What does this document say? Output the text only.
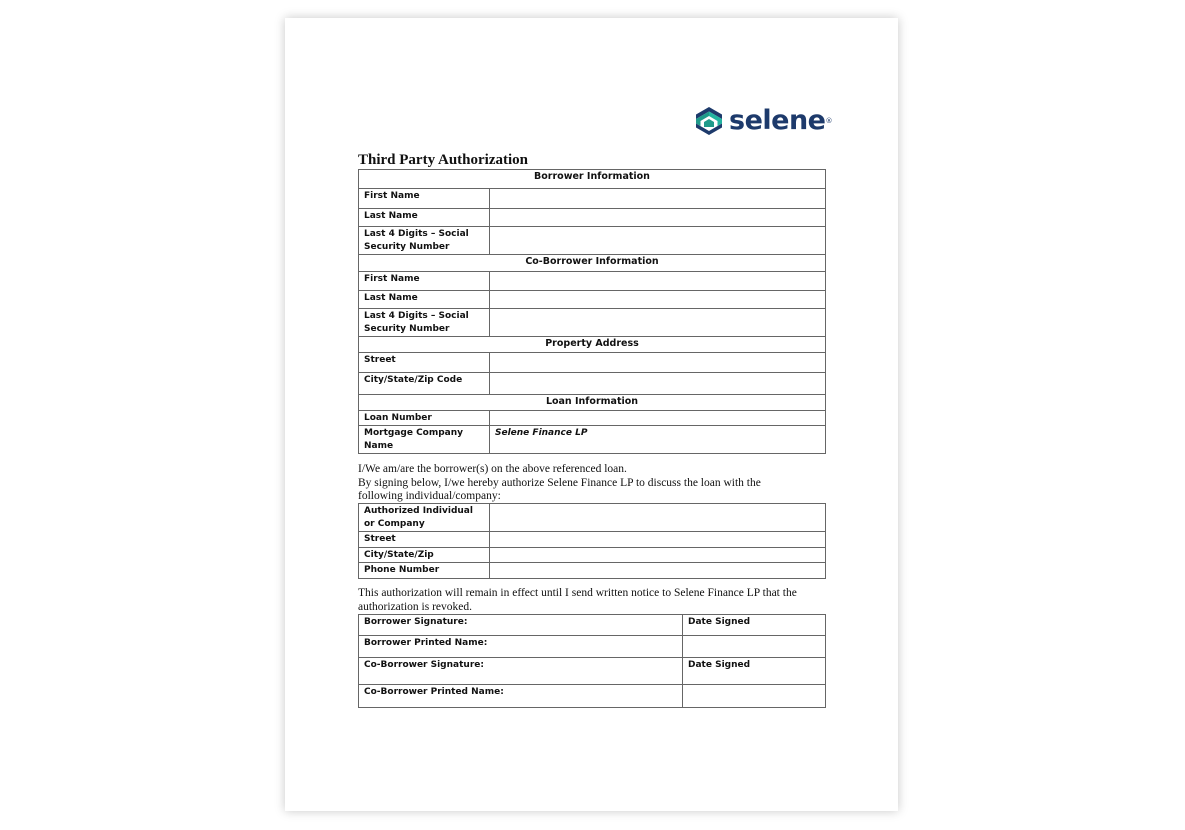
selene®
Third Party Authorization
Borrower Information	
First Name	
Last Name	
Last 4 Digits – Social Security Number	
Co-Borrower Information	
First Name	
Last Name	
Last 4 Digits – Social Security Number	
Property Address	
Street	
City/State/Zip Code	
Loan Information	
Loan Number	
Mortgage Company Name	Selene Finance LP
I/We am/are the borrower(s) on the above referenced loan.
By signing below, I/we hereby authorize Selene Finance LP to discuss the loan with the
following individual/company:
Authorized Individual or Company	
Street	
City/State/Zip	
Phone Number	
This authorization will remain in effect until I send written notice to Selene Finance LP that the
authorization is revoked.
Borrower Signature:	Date Signed
Borrower Printed Name:	
Co-Borrower Signature:	Date Signed
Co-Borrower Printed Name:	
